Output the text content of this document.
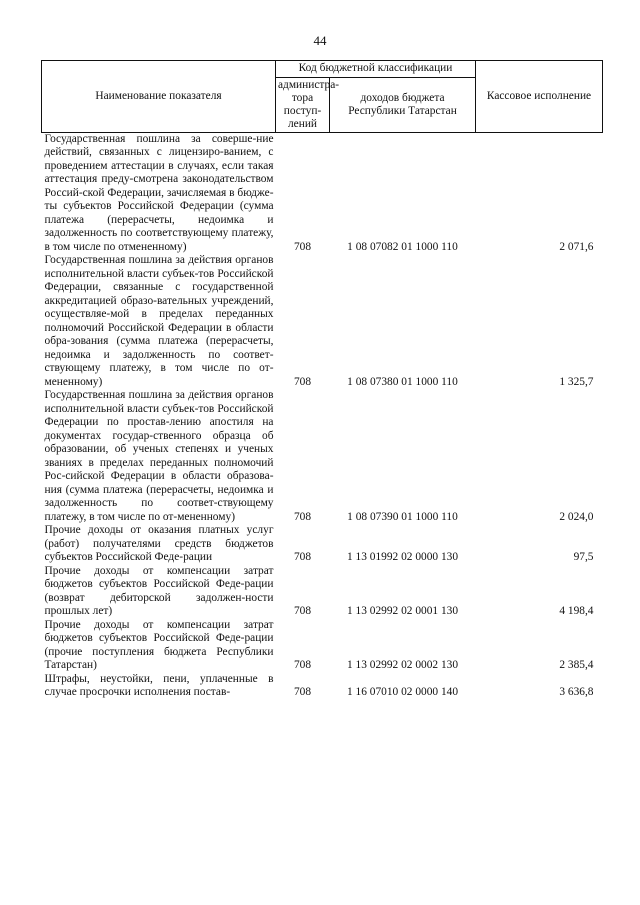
44
Наименование показателя	Код бюджетной классификации		Кассовое исполнение
	администра-тора поступ-лений	доходов бюджета Республики Татарстан	
Государственная пошлина за соверше-ние действий, связанных с лицензиро-ванием, с проведением аттестации в случаях, если такая аттестация преду-смотрена законодательством Россий-ской Федерации, зачисляемая в бюдже-ты субъектов Российской Федерации (сумма платежа (перерасчеты, недоимка и задолженность по соответствующему платежу, в том числе по отмененному)	708	1 08 07082 01 1000 110	2 071,6
Государственная пошлина за действия органов исполнительной власти субъек-тов Российской Федерации, связанные с государственной аккредитацией образо-вательных учреждений, осуществляе-мой в пределах переданных полномочий Российской Федерации в области обра-зования (сумма платежа (перерасчеты, недоимка и задолженность по соответ-ствующему платежу, в том числе по от-мененному)	708	1 08 07380 01 1000 110	1 325,7
Государственная пошлина за действия органов исполнительной власти субъек-тов Российской Федерации по простав-лению апостиля на документах государ-ственного образца об образовании, об ученых степенях и ученых званиях в пределах переданных полномочий Рос-сийской Федерации в области образова-ния (сумма платежа (перерасчеты, недоимка и задолженность по соответ-ствующему платежу, в том числе по от-мененному)	708	1 08 07390 01 1000 110	2 024,0
Прочие доходы от оказания платных услуг (работ) получателями средств бюджетов субъектов Российской Феде-рации	708	1 13 01992 02 0000 130	97,5
Прочие доходы от компенсации затрат бюджетов субъектов Российской Феде-рации (возврат дебиторской задолжен-ности прошлых лет)	708	1 13 02992 02 0001 130	4 198,4
Прочие доходы от компенсации затрат бюджетов субъектов Российской Феде-рации (прочие поступления бюджета Республики Татарстан)	708	1 13 02992 02 0002 130	2 385,4
Штрафы, неустойки, пени, уплаченные в случае просрочки исполнения постав-	708	1 16 07010 02 0000 140	3 636,8
